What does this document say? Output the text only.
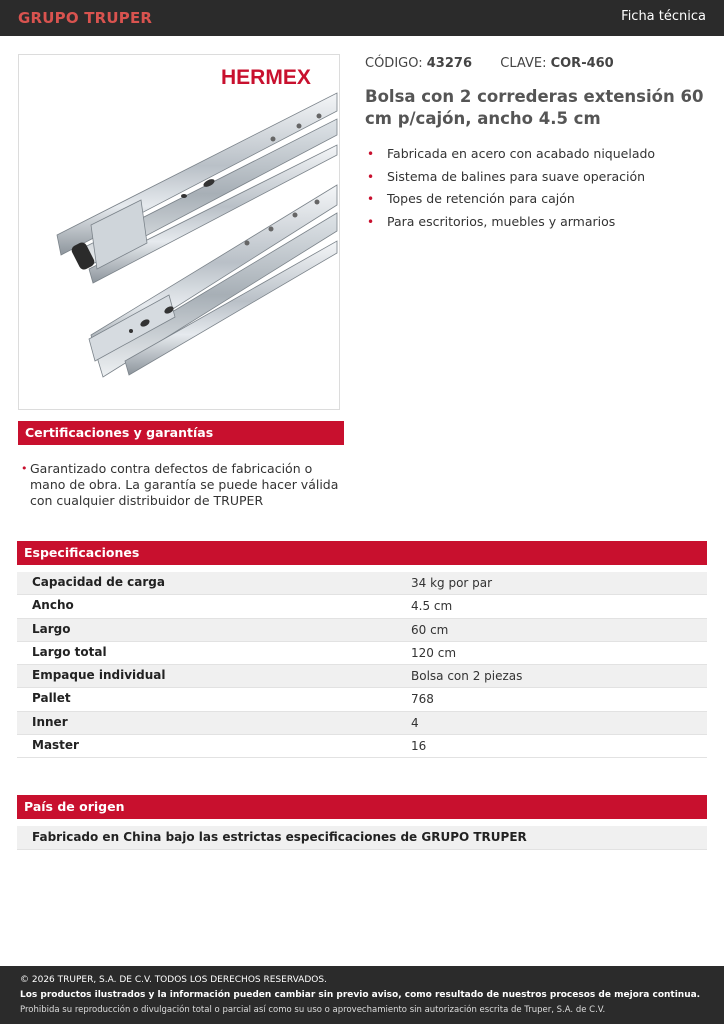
GRUPO TRUPER	Ficha técnica
HERMEX
CÓDIGO: 43276 CLAVE: COR-460
Bolsa con 2 correderas extensión 60 cm p/cajón, ancho 4.5 cm
• Fabricada en acero con acabado niquelado
• Sistema de balines para suave operación
• Topes de retención para cajón
• Para escritorios, muebles y armarios
Certificaciones y garantías
• Garantizado contra defectos de fabricación o mano de obra. La garantía se puede hacer válida con cualquier distribuidor de TRUPER
Especificaciones
Capacidad de carga	34 kg por par
Ancho	4.5 cm
Largo	60 cm
Largo total	120 cm
Empaque individual	Bolsa con 2 piezas
Pallet	768
Inner	4
Master	16
País de origen
Fabricado en China bajo las estrictas especificaciones de GRUPO TRUPER
© 2026 TRUPER, S.A. DE C.V. TODOS LOS DERECHOS RESERVADOS.
Los productos ilustrados y la información pueden cambiar sin previo aviso, como resultado de nuestros procesos de mejora continua.
Prohibida su reproducción o divulgación total o parcial así como su uso o aprovechamiento sin autorización escrita de Truper, S.A. de C.V.
